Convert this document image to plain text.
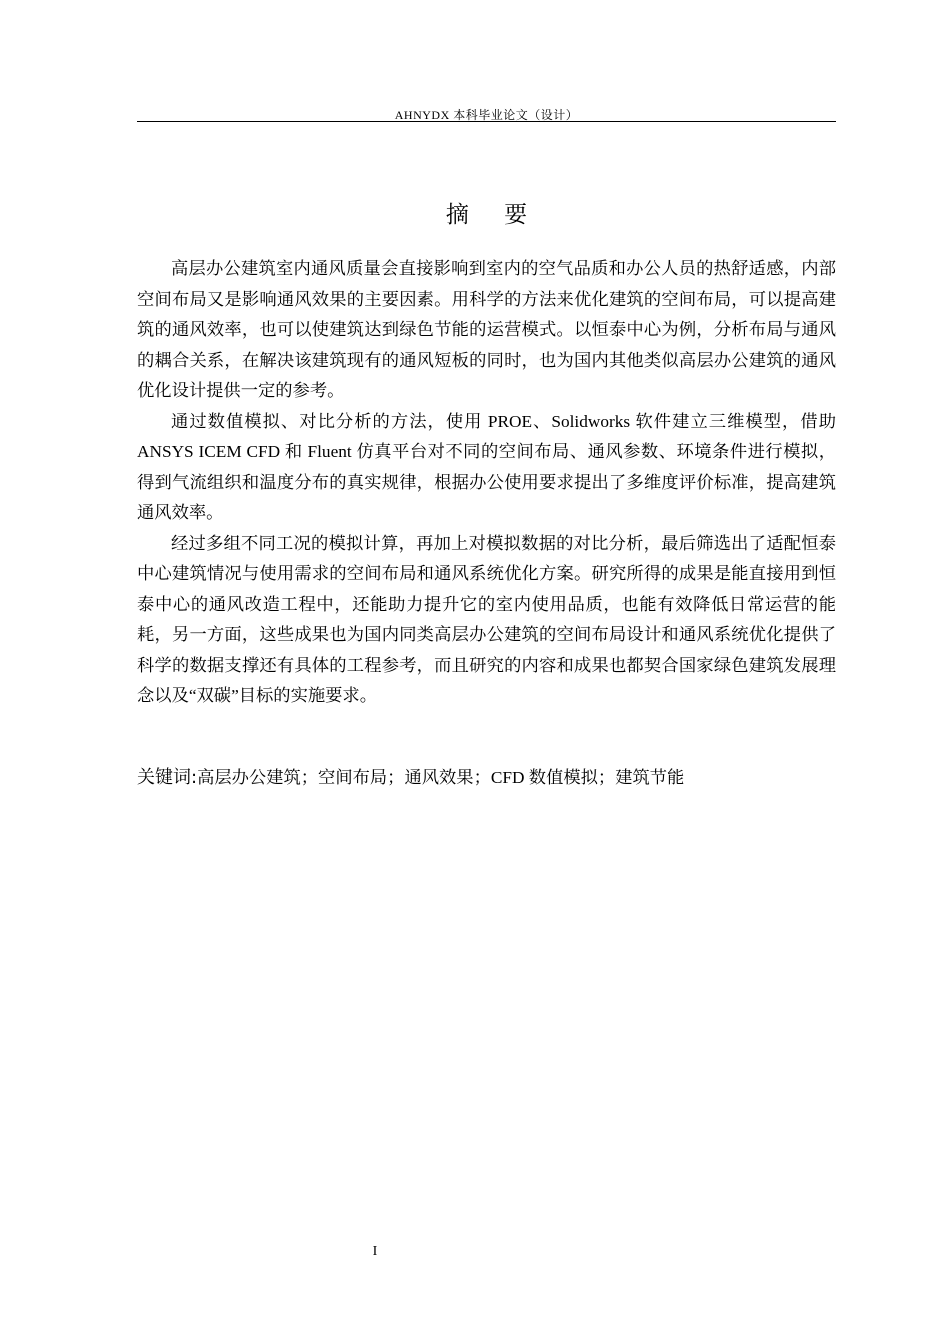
AHNYDX 本科毕业论文（设计）
摘 要

高层办公建筑室内通风质量会直接影响到室内的空气品质和办公人员的热舒适感，内部空间布局又是影响通风效果的主要因素。用科学的方法来优化建筑的空间布局，可以提高建筑的通风效率，也可以使建筑达到绿色节能的运营模式。以恒泰中心为例，分析布局与通风的耦合关系，在解决该建筑现有的通风短板的同时，也为国内其他类似高层办公建筑的通风优化设计提供一定的参考。

通过数值模拟、对比分析的方法，使用 PROE、Solidworks 软件建立三维模型，借助 ANSYS ICEM CFD 和 Fluent 仿真平台对不同的空间布局、通风参数、环境条件进行模拟，得到气流组织和温度分布的真实规律，根据办公使用要求提出了多维度评价标准，提高建筑通风效率。

经过多组不同工况的模拟计算，再加上对模拟数据的对比分析，最后筛选出了适配恒泰中心建筑情况与使用需求的空间布局和通风系统优化方案。研究所得的成果是能直接用到恒泰中心的通风改造工程中，还能助力提升它的室内使用品质，也能有效降低日常运营的能耗，另一方面，这些成果也为国内同类高层办公建筑的空间布局设计和通风系统优化提供了科学的数据支撑还有具体的工程参考，而且研究的内容和成果也都契合国家绿色建筑发展理念以及“双碳”目标的实施要求。

关键词:高层办公建筑；空间布局；通风效果；CFD 数值模拟；建筑节能
I
